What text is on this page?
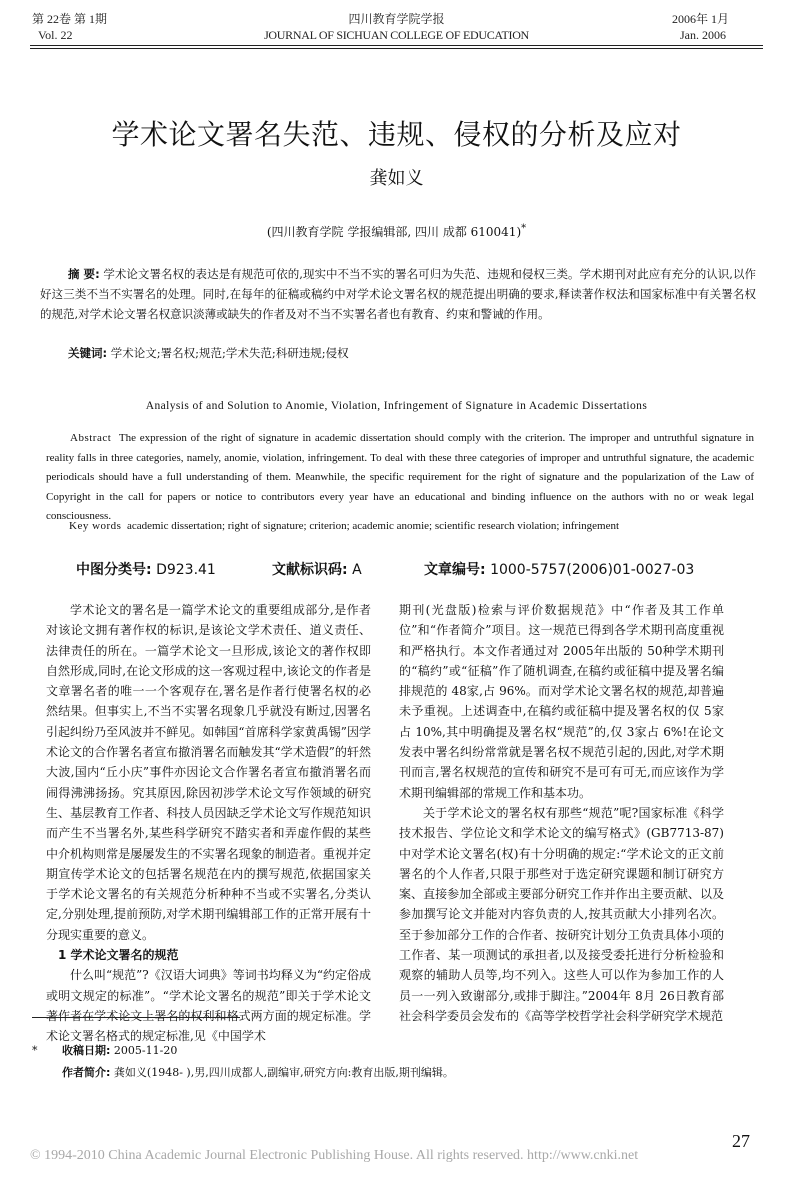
第 22卷 第 1期
Vol. 22
四川教育学院学报
JOURNAL OF SICHUAN COLLEGE OF EDUCATION
2006年 1月
Jan. 2006
学术论文署名失范、违规、侵权的分析及应对
龚如义
(四川教育学院 学报编辑部, 四川 成都 610041)*
摘 要: 学术论文署名权的表达是有规范可依的,现实中不当不实的署名可归为失范、违规和侵权三类。学术期刊对此应有充分的认识,以作好这三类不当不实署名的处理。同时,在每年的征稿或稿约中对学术论文署名权的规范提出明确的要求,释读著作权法和国家标准中有关署名权的规范,对学术论文署名权意识淡薄或缺失的作者及对不当不实署名者也有教育、约束和警诫的作用。
关键词: 学术论文;署名权;规范;学术失范;科研违规;侵权
Analysis of and Solution to Anomie, Violation, Infringement of Signature in Academic Dissertations
Abstract The expression of the right of signature in academic dissertation should comply with the criterion. The improper and untruthful signature in reality falls in three categories, namely, anomie, violation, infringement. To deal with these three categories of improper and untruthful signature, the academic periodicals should have a full understanding of them. Meanwhile, the specific requirement for the right of signature and the popularization of the Law of Copyright in the call for papers or notice to contributors every year have an educational and binding influence on the authors with no or weak legal consciousness.
Key words academic dissertation; right of signature; criterion; academic anomie; scientific research violation; infringement
中图分类号: D923.41	文献标识码: A	文章编号: 1000-5757(2006)01-0027-03

学术论文的署名是一篇学术论文的重要组成部分,是作者对该论文拥有著作权的标识,是该论文学术责任、道义责任、法律责任的所在。一篇学术论文一旦形成,该论文的著作权即自然形成,同时,在论文形成的这一客观过程中,该论文的作者是文章署名者的唯一一个客观存在,署名是作者行使署名权的必然结果。但事实上,不当不实署名现象几乎就没有断过,因署名引起纠纷乃至风波并不鲜见。如韩国“首席科学家黄禹锡”因学术论文的合作署名者宣布撤消署名而触发其“学术造假”的轩然大波,国内“丘小庆”事件亦因论文合作署名者宣布撤消署名而闹得沸沸扬扬。究其原因,除因初涉学术论文写作领域的研究生、基层教育工作者、科技人员因缺乏学术论文写作规范知识而产生不当署名外,某些科学研究不踏实者和弄虚作假的某些中介机构则常是屡屡发生的不实署名现象的制造者。重视并定期宣传学术论文的包括署名规范在内的撰写规范,依据国家关于学术论文署名的有关规范分析种种不当或不实署名,分类认定,分别处理,提前预防,对学术期刊编辑部工作的正常开展有十分现实重要的意义。

1 学术论文署名的规范

什么叫“规范”?《汉语大词典》等词书均释义为“约定俗成或明文规定的标准”。“学术论文署名的规范”即关于学术论文著作者在学术论文上署名的权利和格式两方面的规定标准。学术论文署名格式的规定标准,见《中国学术

期刊(光盘版)检索与评价数据规范》中“作者及其工作单位”和“作者简介”项目。这一规范已得到各学术期刊高度重视和严格执行。本文作者通过对 2005年出版的 50种学术期刊的“稿约”或“征稿”作了随机调查,在稿约或征稿中提及署名编排规范的 48家,占 96%。而对学术论文署名权的规范,却普遍未予重视。上述调查中,在稿约或征稿中提及署名权的仅 5家占 10%,其中明确提及署名权“规范”的,仅 3家占 6%!在论文发表中署名纠纷常常就是署名权不规范引起的,因此,对学术期刊而言,署名权规范的宣传和研究不是可有可无,而应该作为学术期刊编辑部的常规工作和基本功。

关于学术论文的署名权有那些“规范”呢?国家标准《科学技术报告、学位论文和学术论文的编写格式》(GB7713-87)中对学术论文署名(权)有十分明确的规定:“学术论文的正文前署名的个人作者,只限于那些对于选定研究课题和制订研究方案、直接参加全部或主要部分研究工作并作出主要贡献、以及参加撰写论文并能对内容负责的人,按其贡献大小排列名次。至于参加部分工作的合作者、按研究计划分工负责具体小项的工作者、某一项测试的承担者,以及接受委托进行分析检验和观察的辅助人员等,均不列入。这些人可以作为参加工作的人员一一列入致谢部分,或排于脚注。”2004年 8月 26日教育部社会科学委员会发布的《高等学校哲学社会科学研究学术规范

* 收稿日期: 2005-11-20
作者简介: 龚如义(1948- ),男,四川成都人,副编审,研究方向:教育出版,期刊编辑。
27
© 1994-2010 China Academic Journal Electronic Publishing House. All rights reserved. http://www.cnki.net
